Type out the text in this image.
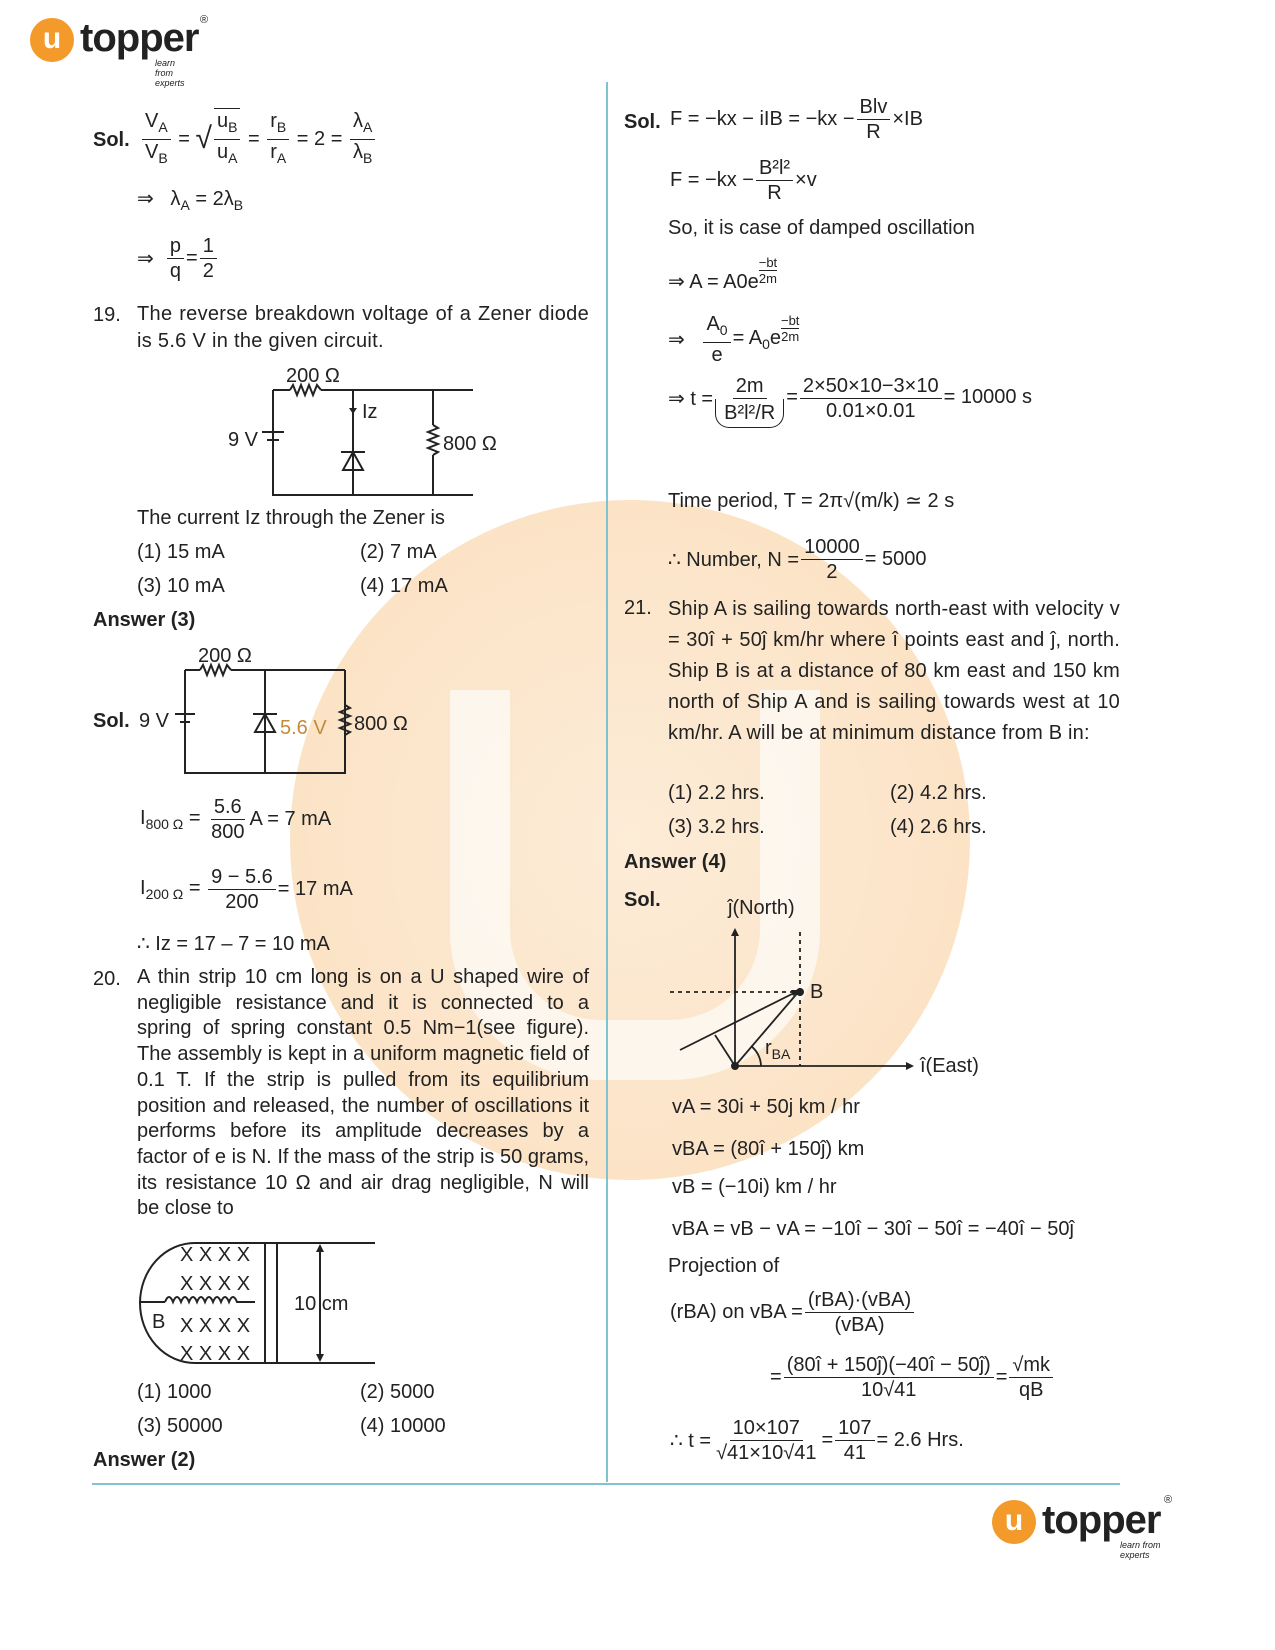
u topper ®
learn from experts
Sol. $\frac{V_A}{V_B}$ = √ $\frac{u_B}{u_A} = \frac{r_B}{r_A} = 2 = \frac{\lambda_A}{\lambda_B}$
⇒   $\lambda_A = 2\lambda_B$
⇒ $\frac{p}{q} = \frac{1}{2}$
19. The reverse breakdown voltage of a Zener diode is 5.6 V in the given circuit.
200 Ω
9 V
Iz
800 Ω
The current Iz through the Zener is
(1) 15 mA	(2) 7 mA
(3) 10 mA	(4) 17 mA
Answer (3)
Sol.
200 Ω
9 V	5.6 V 800 Ω
$I_{800 \Omega} = \frac{5.6}{800}$ A = 7 mA
$I_{200 \Omega} = \frac{9 - 5.6}{200} = 17$ mA
∴ Iz = 17 – 7 = 10 mA
20. A thin strip 10 cm long is on a U shaped wire of negligible resistance and it is connected to a spring of spring constant 0.5 Nm−1(see figure). The assembly is kept in a uniform magnetic field of 0.1 T. If the strip is pulled from its equilibrium position and released, the number of oscillations it performs before its amplitude decreases by a factor of e is N. If the mass of the strip is 50 grams, its resistance 10 Ω and air drag negligible, N will be close to
X X X X
X X X X
X X X X
X X X X
B
10 cm
(1) 1000	(2) 5000
(3) 50000	(4) 10000
Answer (2)
Sol. F = −kx − iIB = $-kx - \frac{\text{Blv}}{R} \times IB$
$F = -kx - \frac{\text{B²l²}}{R} \times v$
So, it is case of damped oscillation
⇒ A = A0e
−bt
2m
⇒
$\frac{A_0}{e} = A_0e$
−bt
2m
⇒ $t = \frac{2m}{\text{B²l²/R}} = \frac{2\times 50\times 10-3\times 10}{0.01\times 0.01} = 10000$ s
Time period, T = 2π√(m/k) ≃ 2 s
∴ Number, $N = \frac{10000}{2} = 5000$
21. Ship A is sailing towards north-east with velocity v = 30î + 50ĵ km/hr where î points east and ĵ, north. Ship B is at a distance of 80 km east and 150 km north of Ship A and is sailing towards west at 10 km/hr. A will be at minimum distance from B in:
(1) 2.2 hrs.	(2) 4.2 hrs.
(3) 3.2 hrs.	(4) 2.6 hrs.
Answer (4)
Sol.	ĵ(North)
î(East)
B
$r_{BA}$
vA = 30i + 50j km / hr
vBA = (80î + 150ĵ) km
vB = (−10i) km / hr
vBA = vB − vA = −10î − 30î − 50î = −40î − 50ĵ
Projection of
(rBA) on vBA = $\frac{\text{(rBA)·(vBA)}}{\text{(vBA)}}$
= $\frac{(80î + 150ĵ)(-40î - 50ĵ)}{10√41} = \frac{√mk}{qB}$
∴ $t = \frac{10\times 107}{√41\times 10√41} = \frac{107}{41} = 2.6$ Hrs.
u topper ®
learn from experts
